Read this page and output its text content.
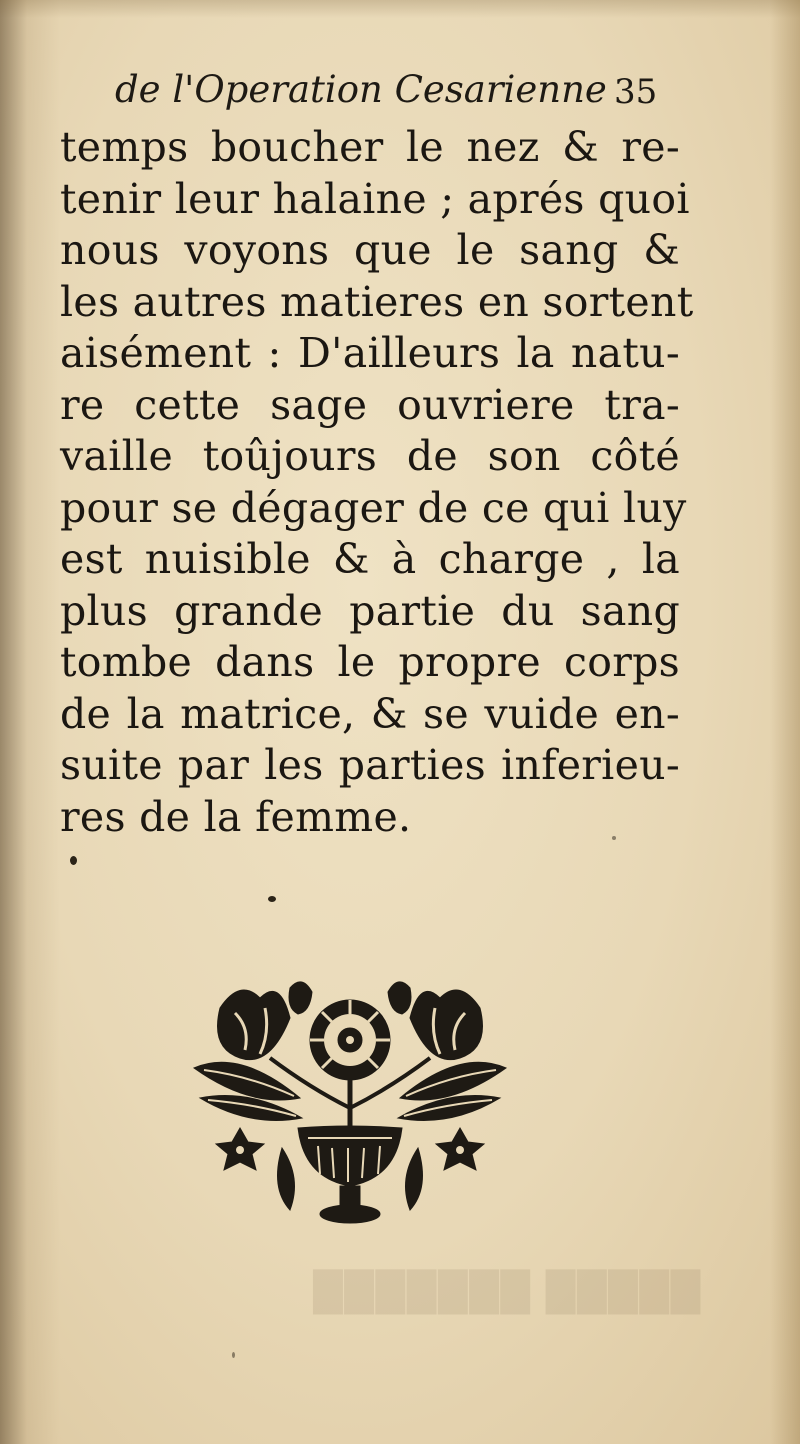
█████ ███████
de l'Operation Cesarienne 35
temps boucher le nez & re-
tenir leur halaine ; aprés quoi
nous voyons que le sang &
les autres matieres en sortent
aisément : D'ailleurs la natu-
re cette sage ouvriere tra-
vaille toûjours de son côté
pour se dégager de ce qui luy
est nuisible & à charge , la
plus grande partie du sang
tombe dans le propre corps
de la matrice, & se vuide en-
suite par les parties inferieu-
res de la femme.
